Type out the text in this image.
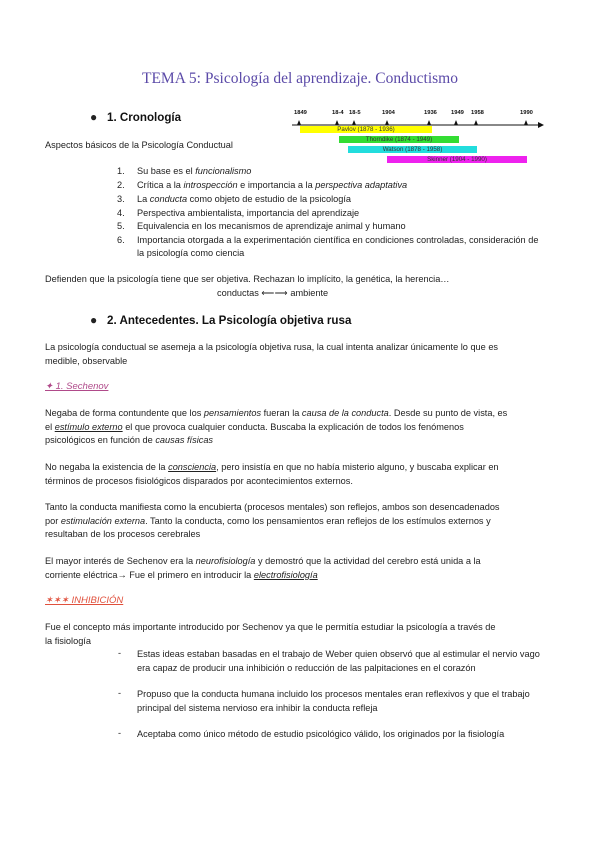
TEMA 5: Psicología del aprendizaje. Conductismo
● 1. Cronología	1849	18-4 18-5	1904	1936 1949 1958	1990
Pavlov (1878 - 1936)
Thorndike (1874 - 1949)
Watson (1878 - 1958)
Skinner (1904 - 1990)
Aspectos básicos de la Psicología Conductual
1. Su base es el funcionalismo
2. Crítica a la introspección e importancia a la perspectiva adaptativa
3. La conducta como objeto de estudio de la psicología
4. Perspectiva ambientalista, importancia del aprendizaje
5. Equivalencia en los mecanismos de aprendizaje animal y humano
6. Importancia otorgada a la experimentación científica en condiciones controladas, consideración de
la psicología como ciencia
Defienden que la psicología tiene que ser objetiva. Rechazan lo implícito, la genética, la herencia…
conductas ⟵⟶ ambiente
● 2. Antecedentes. La Psicología objetiva rusa
La psicología conductual se asemeja a la psicología objetiva rusa, la cual intenta analizar únicamente lo que es
medible, observable
✦ 1. Sechenov
Negaba de forma contundente que los pensamientos fueran la causa de la conducta. Desde su punto de vista, es
el estímulo externo el que provoca cualquier conducta. Buscaba la explicación de todos los fenómenos
psicológicos en función de causas físicas
No negaba la existencia de la consciencia, pero insistía en que no había misterio alguno, y buscaba explicar en
términos de procesos fisiológicos disparados por acontecimientos externos.
Tanto la conducta manifiesta como la encubierta (procesos mentales) son reflejos, ambos son desencadenados
por estimulación externa. Tanto la conducta, como los pensamientos eran reflejos de los estímulos externos y
resultaban de los procesos cerebrales
El mayor interés de Sechenov era la neurofisiología y demostró que la actividad del cerebro está unida a la
corriente eléctrica→ Fue el primero en introducir la electrofisiología
✶✶✶ INHIBICIÓN
Fue el concepto más importante introducido por Sechenov ya que le permitía estudiar la psicología a través de
la fisiología
- Estas ideas estaban basadas en el trabajo de Weber quien observó que al estimular el nervio vago
era capaz de producir una inhibición o reducción de las palpitaciones en el corazón
- Propuso que la conducta humana incluido los procesos mentales eran reflexivos y que el trabajo
principal del sistema nervioso era inhibir la conducta refleja
- Aceptaba como único método de estudio psicológico válido, los originados por la fisiología
